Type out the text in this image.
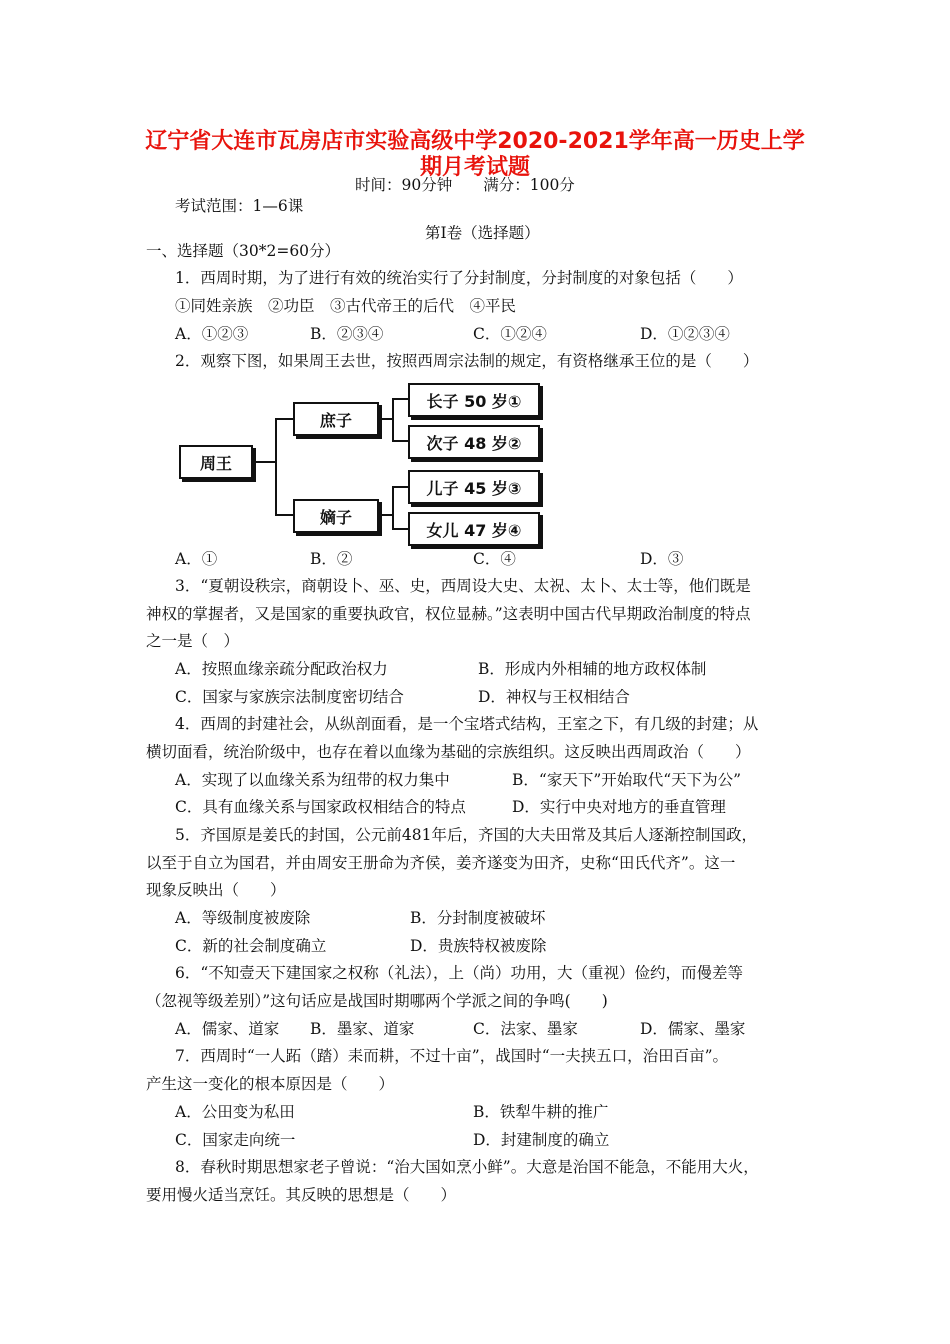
辽宁省大连市瓦房店市实验高级中学2020-2021学年高一历史上学
期月考试题
时间：90分钟　　满分：100分
考试范围：1—6课
第Ⅰ卷（选择题）
一、选择题（30*2=60分）
1．西周时期，为了进行有效的统治实行了分封制度，分封制度的对象包括（　　）
①同姓亲族　②功臣　③古代帝王的后代　④平民
A．①②③	B．②③④	C．①②④	D．①②③④
2．观察下图，如果周王去世，按照西周宗法制的规定，有资格继承王位的是（　　）
周王
庶子
嫡子
长子 50 岁①
次子 48 岁②
儿子 45 岁③
女儿 47 岁④
A．①	B．②	C．④	D．③
3．“夏朝设秩宗，商朝设卜、巫、史，西周设大史、太祝、太卜、太士等，他们既是
神权的掌握者，又是国家的重要执政官，权位显赫。”这表明中国古代早期政治制度的特点
之一是（　）
A．按照血缘亲疏分配政治权力	B．形成内外相辅的地方政权体制
C．国家与家族宗法制度密切结合	D．神权与王权相结合
4．西周的封建社会，从纵剖面看，是一个宝塔式结构，王室之下，有几级的封建；从
横切面看，统治阶级中，也存在着以血缘为基础的宗族组织。这反映出西周政治（　　）
A．实现了以血缘关系为纽带的权力集中	B．“家天下”开始取代“天下为公”
C．具有血缘关系与国家政权相结合的特点	D．实行中央对地方的垂直管理
5．齐国原是姜氏的封国，公元前481年后，齐国的大夫田常及其后人逐渐控制国政，
以至于自立为国君，并由周安王册命为齐侯，姜齐遂变为田齐，史称“田氏代齐”。这一
现象反映出（　　）
A．等级制度被废除	B．分封制度被破坏
C．新的社会制度确立	D．贵族特权被废除
6．“不知壹天下建国家之权称（礼法），上（尚）功用，大（重视）俭约，而僈差等
（忽视等级差别）”这句话应是战国时期哪两个学派之间的争鸣(　　)
A．儒家、道家 B．墨家、道家	C．法家、墨家	D．儒家、墨家
7．西周时“一人跖（踏）耒而耕，不过十亩”，战国时“一夫挟五口，治田百亩”。
产生这一变化的根本原因是（　　）
A．公田变为私田	B．铁犁牛耕的推广
C．国家走向统一	D．封建制度的确立
8．春秋时期思想家老子曾说：“治大国如烹小鲜”。大意是治国不能急，不能用大火，
要用慢火适当烹饪。其反映的思想是（　　）
